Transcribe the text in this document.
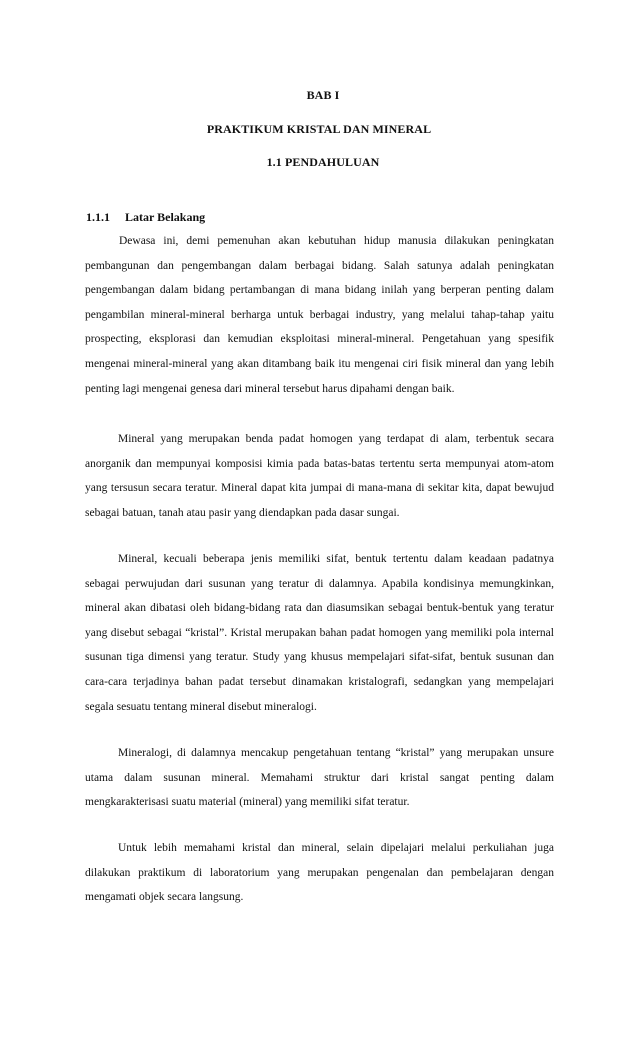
BAB I
PRAKTIKUM KRISTAL DAN MINERAL
1.1 PENDAHULUAN
1.1.1 Latar Belakang

Dewasa ini, demi pemenuhan akan kebutuhan hidup manusia dilakukan peningkatan pembangunan dan pengembangan dalam berbagai bidang. Salah satunya adalah peningkatan pengembangan dalam bidang pertambangan di mana bidang inilah yang berperan penting dalam pengambilan mineral-mineral berharga untuk berbagai industry, yang melalui tahap-tahap yaitu prospecting, eksplorasi dan kemudian eksploitasi mineral-mineral. Pengetahuan yang spesifik mengenai mineral-mineral yang akan ditambang baik itu mengenai ciri fisik mineral dan yang lebih penting lagi mengenai genesa dari mineral tersebut harus dipahami dengan baik.

Mineral yang merupakan benda padat homogen yang terdapat di alam, terbentuk secara anorganik dan mempunyai komposisi kimia pada batas-batas tertentu serta mempunyai atom-atom yang tersusun secara teratur. Mineral dapat kita jumpai di mana-mana di sekitar kita, dapat bewujud sebagai batuan, tanah atau pasir yang diendapkan pada dasar sungai.

Mineral, kecuali beberapa jenis memiliki sifat, bentuk tertentu dalam keadaan padatnya sebagai perwujudan dari susunan yang teratur di dalamnya. Apabila kondisinya memungkinkan, mineral akan dibatasi oleh bidang-bidang rata dan diasumsikan sebagai bentuk-bentuk yang teratur yang disebut sebagai “kristal”. Kristal merupakan bahan padat homogen yang memiliki pola internal susunan tiga dimensi yang teratur. Study yang khusus mempelajari sifat-sifat, bentuk susunan dan cara-cara terjadinya bahan padat tersebut dinamakan kristalografi, sedangkan yang mempelajari segala sesuatu tentang mineral disebut mineralogi.

Mineralogi, di dalamnya mencakup pengetahuan tentang “kristal” yang merupakan unsure utama dalam susunan mineral. Memahami struktur dari kristal sangat penting dalam mengkarakterisasi suatu material (mineral) yang memiliki sifat teratur.

Untuk lebih memahami kristal dan mineral, selain dipelajari melalui perkuliahan juga dilakukan praktikum di laboratorium yang merupakan pengenalan dan pembelajaran dengan mengamati objek secara langsung.
